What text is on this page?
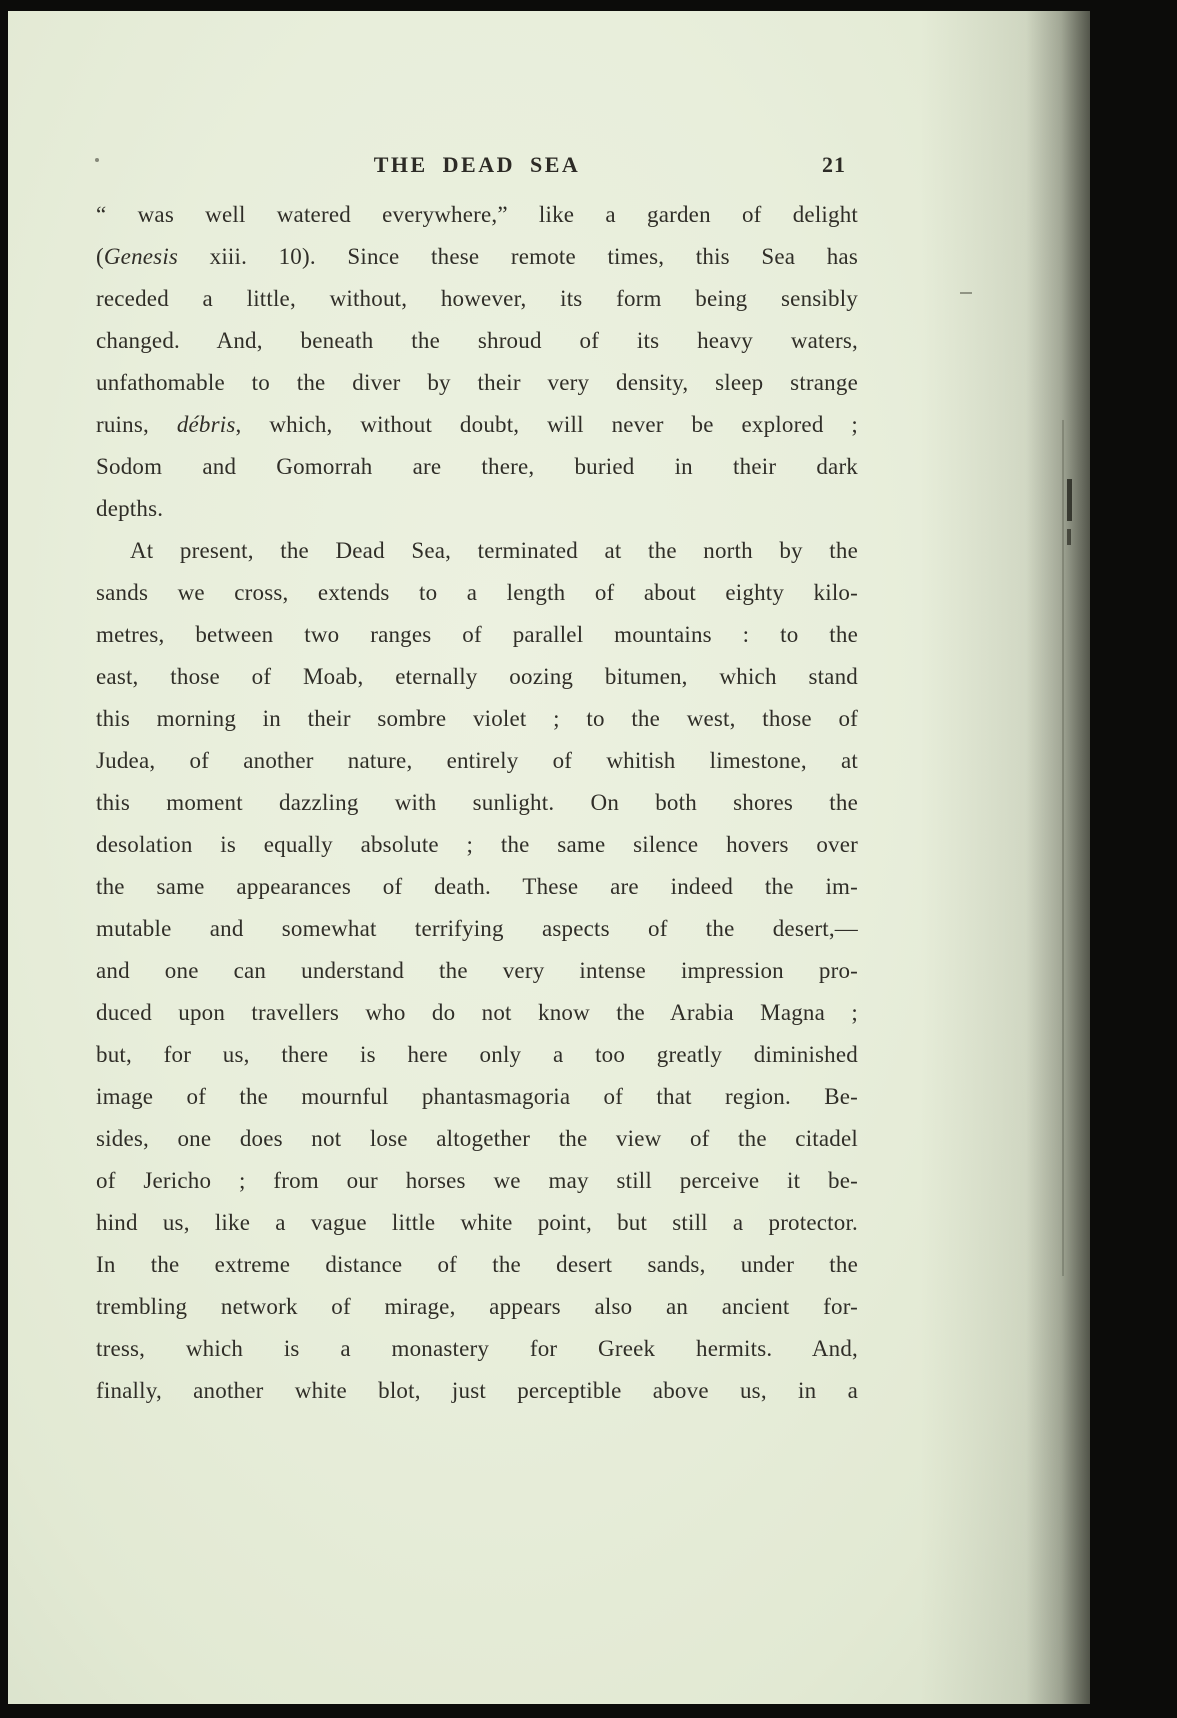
THE DEAD SEA	21
“ was well watered everywhere,” like a garden of delight
(Genesis xiii. 10). Since these remote times, this Sea has
receded a little, without, however, its form being sensibly
changed. And, beneath the shroud of its heavy waters,
unfathomable to the diver by their very density, sleep strange
ruins, débris, which, without doubt, will never be explored ;
Sodom and Gomorrah are there, buried in their dark
depths.
At present, the Dead Sea, terminated at the north by the
sands we cross, extends to a length of about eighty kilo-
metres, between two ranges of parallel mountains : to the
east, those of Moab, eternally oozing bitumen, which stand
this morning in their sombre violet ; to the west, those of
Judea, of another nature, entirely of whitish limestone, at
this moment dazzling with sunlight. On both shores the
desolation is equally absolute ; the same silence hovers over
the same appearances of death. These are indeed the im-
mutable and somewhat terrifying aspects of the desert,—
and one can understand the very intense impression pro-
duced upon travellers who do not know the Arabia Magna ;
but, for us, there is here only a too greatly diminished
image of the mournful phantasmagoria of that region. Be-
sides, one does not lose altogether the view of the citadel
of Jericho ; from our horses we may still perceive it be-
hind us, like a vague little white point, but still a protector.
In the extreme distance of the desert sands, under the
trembling network of mirage, appears also an ancient for-
tress, which is a monastery for Greek hermits. And,
finally, another white blot, just perceptible above us, in a
